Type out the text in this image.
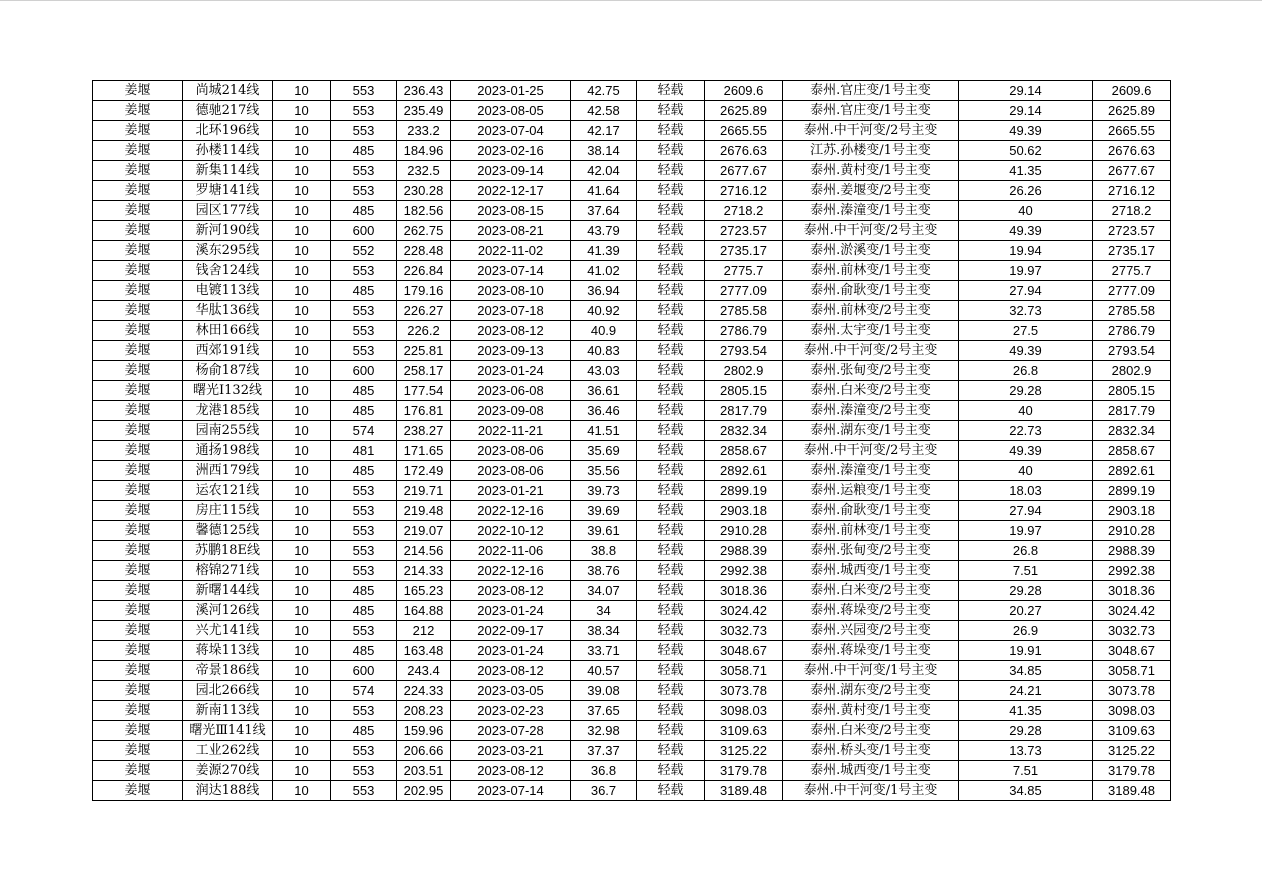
姜堰	尚城214线	10	553	236.43	2023-01-25	42.75	轻载	2609.6	泰州.官庄变/1号主变	29.14	2609.6
姜堰	德驰217线	10	553	235.49	2023-08-05	42.58	轻载	2625.89	泰州.官庄变/1号主变	29.14	2625.89
姜堰	北环196线	10	553	233.2	2023-07-04	42.17	轻载	2665.55	泰州.中干河变/2号主变	49.39	2665.55
姜堰	孙楼114线	10	485	184.96	2023-02-16	38.14	轻载	2676.63	江苏.孙楼变/1号主变	50.62	2676.63
姜堰	新集114线	10	553	232.5	2023-09-14	42.04	轻载	2677.67	泰州.黄村变/1号主变	41.35	2677.67
姜堰	罗塘141线	10	553	230.28	2022-12-17	41.64	轻载	2716.12	泰州.姜堰变/2号主变	26.26	2716.12
姜堰	园区177线	10	485	182.56	2023-08-15	37.64	轻载	2718.2	泰州.溱潼变/1号主变	40	2718.2
姜堰	新河190线	10	600	262.75	2023-08-21	43.79	轻载	2723.57	泰州.中干河变/2号主变	49.39	2723.57
姜堰	溪东295线	10	552	228.48	2022-11-02	41.39	轻载	2735.17	泰州.淤溪变/1号主变	19.94	2735.17
姜堰	钱舍124线	10	553	226.84	2023-07-14	41.02	轻载	2775.7	泰州.前林变/1号主变	19.97	2775.7
姜堰	电镀113线	10	485	179.16	2023-08-10	36.94	轻载	2777.09	泰州.俞耿变/1号主变	27.94	2777.09
姜堰	华肽136线	10	553	226.27	2023-07-18	40.92	轻载	2785.58	泰州.前林变/2号主变	32.73	2785.58
姜堰	林田166线	10	553	226.2	2023-08-12	40.9	轻载	2786.79	泰州.太宇变/1号主变	27.5	2786.79
姜堰	西郊191线	10	553	225.81	2023-09-13	40.83	轻载	2793.54	泰州.中干河变/2号主变	49.39	2793.54
姜堰	杨俞187线	10	600	258.17	2023-01-24	43.03	轻载	2802.9	泰州.张甸变/2号主变	26.8	2802.9
姜堰	曙光Ⅰ132线	10	485	177.54	2023-06-08	36.61	轻载	2805.15	泰州.白米变/2号主变	29.28	2805.15
姜堰	龙港185线	10	485	176.81	2023-09-08	36.46	轻载	2817.79	泰州.溱潼变/2号主变	40	2817.79
姜堰	园南255线	10	574	238.27	2022-11-21	41.51	轻载	2832.34	泰州.湖东变/1号主变	22.73	2832.34
姜堰	通扬198线	10	481	171.65	2023-08-06	35.69	轻载	2858.67	泰州.中干河变/2号主变	49.39	2858.67
姜堰	洲西179线	10	485	172.49	2023-08-06	35.56	轻载	2892.61	泰州.溱潼变/1号主变	40	2892.61
姜堰	运农121线	10	553	219.71	2023-01-21	39.73	轻载	2899.19	泰州.运粮变/1号主变	18.03	2899.19
姜堰	房庄115线	10	553	219.48	2022-12-16	39.69	轻载	2903.18	泰州.俞耿变/1号主变	27.94	2903.18
姜堰	馨德125线	10	553	219.07	2022-10-12	39.61	轻载	2910.28	泰州.前林变/1号主变	19.97	2910.28
姜堰	苏鹏18E线	10	553	214.56	2022-11-06	38.8	轻载	2988.39	泰州.张甸变/2号主变	26.8	2988.39
姜堰	榕锦271线	10	553	214.33	2022-12-16	38.76	轻载	2992.38	泰州.城西变/1号主变	7.51	2992.38
姜堰	新曙144线	10	485	165.23	2023-08-12	34.07	轻载	3018.36	泰州.白米变/2号主变	29.28	3018.36
姜堰	溪河126线	10	485	164.88	2023-01-24	34	轻载	3024.42	泰州.蒋垛变/2号主变	20.27	3024.42
姜堰	兴尤141线	10	553	212	2022-09-17	38.34	轻载	3032.73	泰州.兴园变/2号主变	26.9	3032.73
姜堰	蒋垛113线	10	485	163.48	2023-01-24	33.71	轻载	3048.67	泰州.蒋垛变/1号主变	19.91	3048.67
姜堰	帝景186线	10	600	243.4	2023-08-12	40.57	轻载	3058.71	泰州.中干河变/1号主变	34.85	3058.71
姜堰	园北266线	10	574	224.33	2023-03-05	39.08	轻载	3073.78	泰州.湖东变/2号主变	24.21	3073.78
姜堰	新南113线	10	553	208.23	2023-02-23	37.65	轻载	3098.03	泰州.黄村变/1号主变	41.35	3098.03
姜堰	曙光Ⅲ141线	10	485	159.96	2023-07-28	32.98	轻载	3109.63	泰州.白米变/2号主变	29.28	3109.63
姜堰	工业262线	10	553	206.66	2023-03-21	37.37	轻载	3125.22	泰州.桥头变/1号主变	13.73	3125.22
姜堰	姜源270线	10	553	203.51	2023-08-12	36.8	轻载	3179.78	泰州.城西变/1号主变	7.51	3179.78
姜堰	润达188线	10	553	202.95	2023-07-14	36.7	轻载	3189.48	泰州.中干河变/1号主变	34.85	3189.48
